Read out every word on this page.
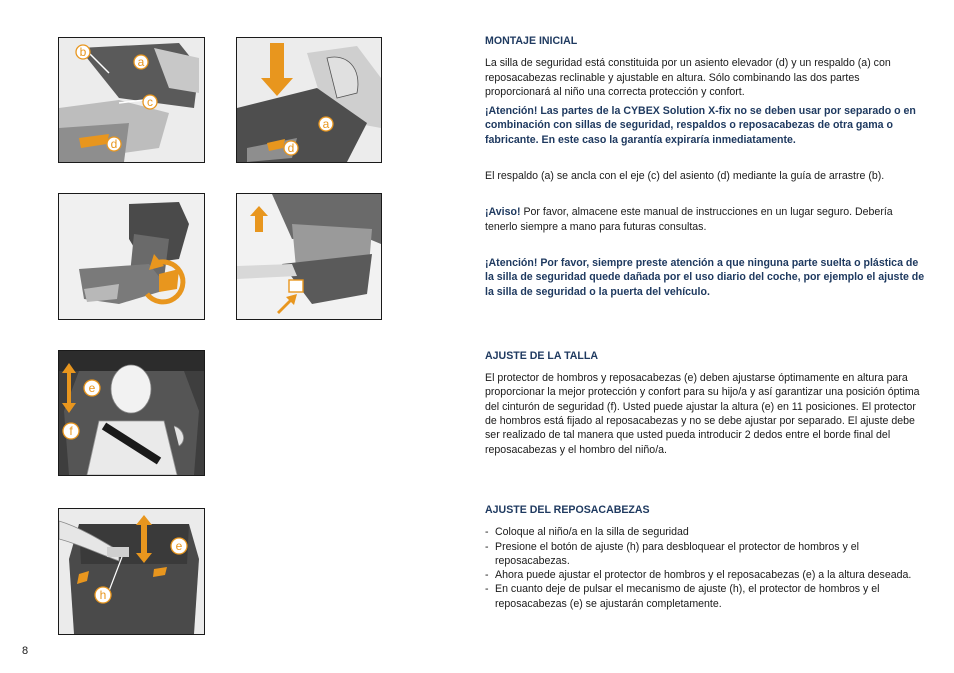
b
a
c
d
a
d
e
f
e
h
MONTAJE INICIAL

La silla de seguridad está constituida por un asiento elevador (d) y un respaldo (a) con reposacabezas reclinable y ajustable en altura. Sólo combinando las dos partes proporcionará al niño una correcta protección y confort.

¡Atención! Las partes de la CYBEX Solution X-fix no se deben usar por separado o en combinación con sillas de seguridad, respaldos o reposacabezas de otra gama o fabricante. En este caso la garantía expiraría inmediatamente.

El respaldo (a) se ancla con el eje (c) del asiento (d) mediante la guía de arrastre (b).

¡Aviso! Por favor, almacene este manual de instrucciones en un lugar seguro. Debería tenerlo siempre a mano para futuras consultas.

¡Atención! Por favor, siempre preste atención a que ninguna parte suelta o plástica de la silla de seguridad quede dañada por el uso diario del coche, por ejemplo el ajuste de la silla de seguridad o la puerta del vehículo.

AJUSTE DE LA TALLA

El protector de hombros y reposacabezas (e) deben ajustarse óptimamente en altura para proporcionar la mejor protección y confort para su hijo/a y así garantizar una posición óptima del cinturón de seguridad (f). Usted puede ajustar la altura (e) en 11 posiciones. El protector de hombros está fijado al reposacabezas y no se debe ajustar por separado. El ajuste debe ser realizado de tal manera que usted pueda introducir 2 dedos entre el borde final del reposacabezas y el hombro del niño/a.

AJUSTE DEL REPOSACABEZAS
- Coloque al niño/a en la silla de seguridad
- Presione el botón de ajuste (h) para desbloquear el protector de hombros y el reposacabezas.
- Ahora puede ajustar el protector de hombros y el reposacabezas (e) a la altura deseada.
- En cuanto deje de pulsar el mecanismo de ajuste (h), el protector de hombros y el reposacabezas (e) se ajustarán completamente.
8
